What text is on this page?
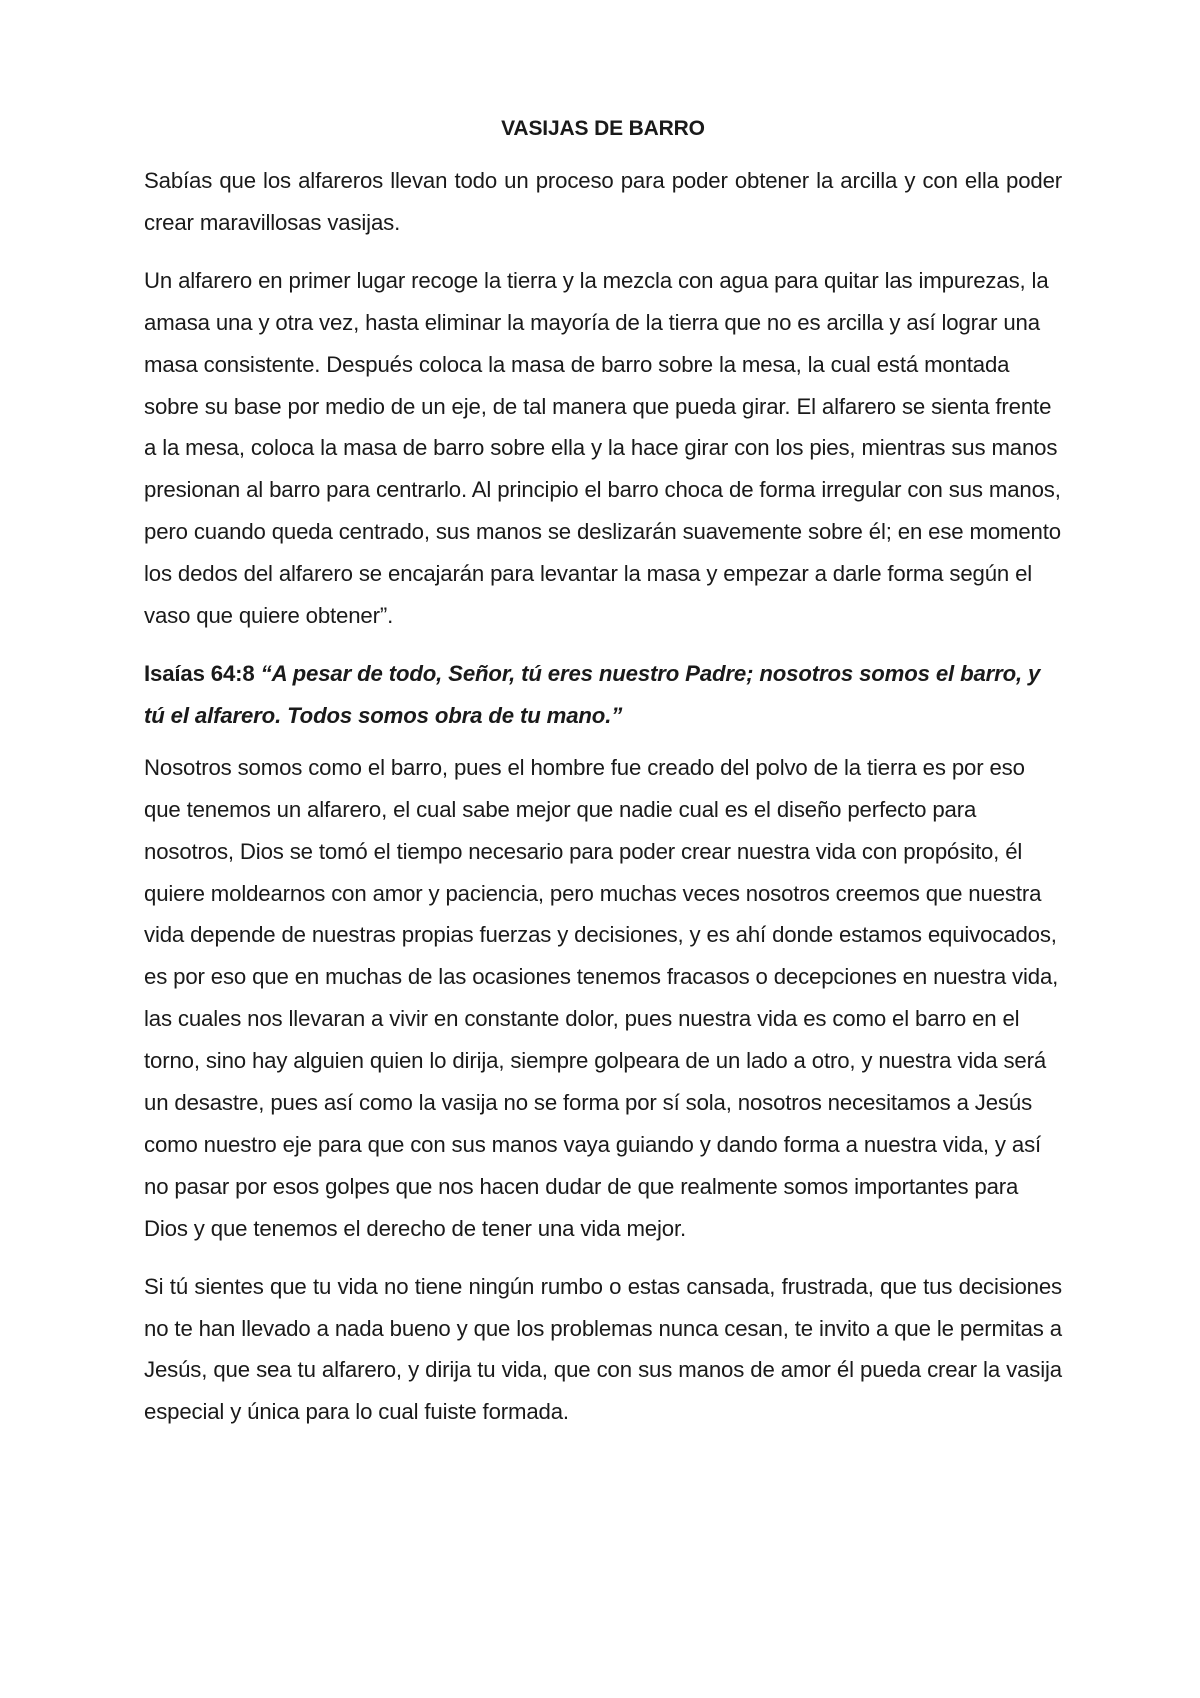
VASIJAS DE BARRO

Sabías que los alfareros llevan todo un proceso para poder obtener la arcilla y con ella poder crear maravillosas vasijas.

Un alfarero en primer lugar recoge la tierra y la mezcla con agua para quitar las impurezas, la amasa una y otra vez, hasta eliminar la mayoría de la tierra que no es arcilla y así lograr una masa consistente. Después coloca la masa de barro sobre la mesa, la cual está montada sobre su base por medio de un eje, de tal manera que pueda girar. El alfarero se sienta frente a la mesa, coloca la masa de barro sobre ella y la hace girar con los pies, mientras sus manos presionan al barro para centrarlo. Al principio el barro choca de forma irregular con sus manos, pero cuando queda centrado, sus manos se deslizarán suavemente sobre él; en ese momento los dedos del alfarero se encajarán para levantar la masa y empezar a darle forma según el vaso que quiere obtener”.

Isaías 64:8 “A pesar de todo, Señor, tú eres nuestro Padre; nosotros somos el barro, y tú el alfarero. Todos somos obra de tu mano.”

Nosotros somos como el barro, pues el hombre fue creado del polvo de la tierra es por eso que tenemos un alfarero, el cual sabe mejor que nadie cual es el diseño perfecto para nosotros, Dios se tomó el tiempo necesario para poder crear nuestra vida con propósito, él quiere moldearnos con amor y paciencia, pero muchas veces nosotros creemos que nuestra vida depende de nuestras propias fuerzas y decisiones, y es ahí donde estamos equivocados, es por eso que en muchas de las ocasiones tenemos fracasos o decepciones en nuestra vida, las cuales nos llevaran a vivir en constante dolor, pues nuestra vida es como el barro en el torno, sino hay alguien quien lo dirija, siempre golpeara de un lado a otro, y nuestra vida será un desastre, pues así como la vasija no se forma por sí sola, nosotros necesitamos a Jesús como nuestro eje para que con sus manos vaya guiando y dando forma a nuestra vida, y así no pasar por esos golpes que nos hacen dudar de que realmente somos importantes para Dios y que tenemos el derecho de tener una vida mejor.

Si tú sientes que tu vida no tiene ningún rumbo o estas cansada, frustrada, que tus decisiones no te han llevado a nada bueno y que los problemas nunca cesan, te invito a que le permitas a Jesús, que sea tu alfarero, y dirija tu vida, que con sus manos de amor él pueda crear la vasija especial y única para lo cual fuiste formada.
